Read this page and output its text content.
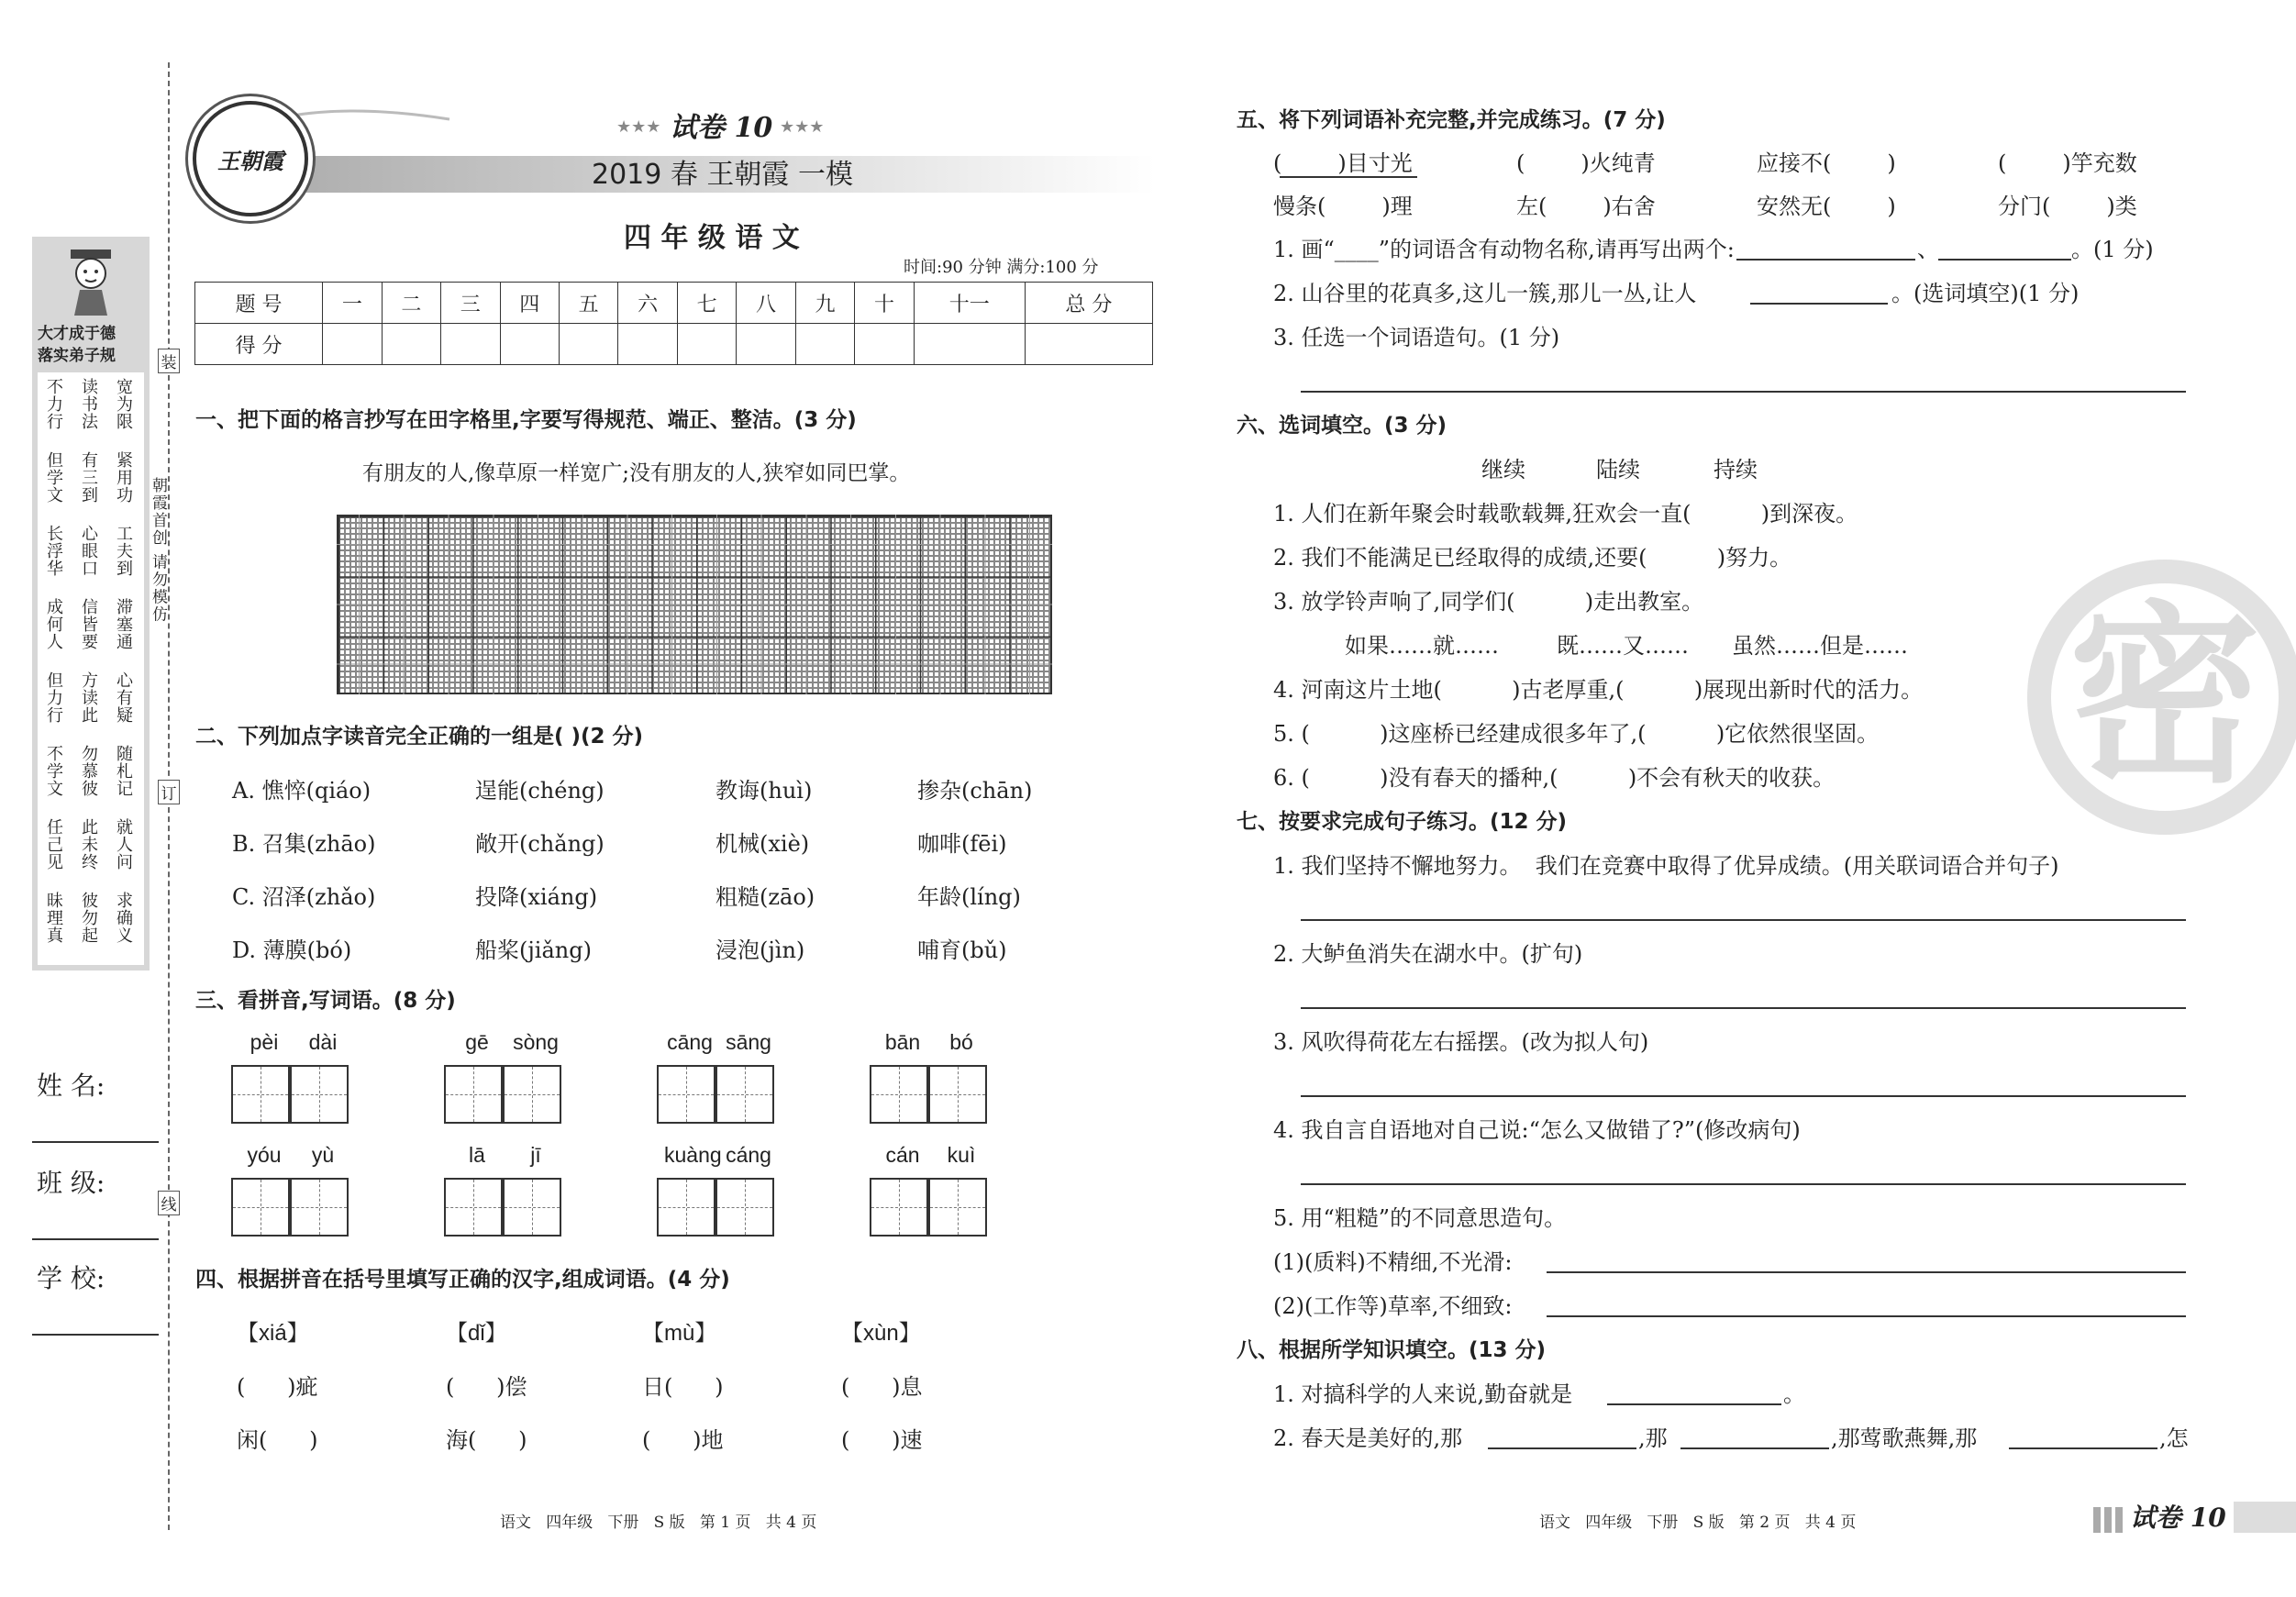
大才成于德
落实弟子规
宽为限
读书法
不力行
紧用功
有三到
但学文
工夫到
心眼口
长浮华
滞塞通
信皆要
成何人
心有疑
方读此
但力行
随札记
勿慕彼
不学文
就人问
此未终
任己见
求确义
彼勿起
昧理真
朝霞首创 请勿模仿
装
订
线
姓 名:
班 级:
学 校:
王朝霞
★★★ 试卷 10 ★★★
2019 春 王朝霞 一模
四 年 级 语 文
时间:90 分钟 满分:100 分
题 号	一	二	三	四	五	六	七	八	九	十	十一	总 分
得 分												
一、把下面的格言抄写在田字格里,字要写得规范、端正、整洁。(3 分)
有朋友的人,像草原一样宽广;没有朋友的人,狭窄如同巴掌。
二、下列加点字读音完全正确的一组是( )(2 分)
A. 憔悴(qiáo)	逞能(chéng)	教诲(huì)	掺杂(chān)
B. 召集(zhāo)	敞开(chǎng)	机械(xiè)	咖啡(fēi)
C. 沼泽(zhǎo)	投降(xiáng)	粗糙(zāo)	年龄(líng)
D. 薄膜(bó)	船桨(jiǎng)	浸泡(jìn)	哺育(bǔ)
三、看拼音,写词语。(8 分)
pèi	dài	gē	sòng	cāng sāng	bān	bó
yóu	yù	lā	jī	kuàng cáng	cán	kuì
四、根据拼音在括号里填写正确的汉字,组成词语。(4 分)
【xiá】
(      )疵
闲(      )
【dǐ】
(      )偿
海(      )
【mù】
日(      )
(      )地
【xùn】
(      )息
(      )速
语文   四年级   下册   S 版   第 1 页   共 4 页
五、将下列词语补充完整,并完成练习。(7 分)
(        )目寸光	(        )火纯青	应接不(        )	(        )竽充数
慢条(        )理	左(        )右舍	安然无(        )	分门(        )类
1. 画“____”的词语含有动物名称,请再写出两个:	、	。(1 分)
2. 山谷里的花真多,这儿一簇,那儿一丛,让人	。(选词填空)(1 分)
3. 任选一个词语造句。(1 分)
六、选词填空。(3 分)
继续	陆续	持续
1. 人们在新年聚会时载歌载舞,狂欢会一直(          )到深夜。
2. 我们不能满足已经取得的成绩,还要(          )努力。
3. 放学铃声响了,同学们(          )走出教室。
如果……就……	既……又…… 虽然……但是……
4. 河南这片土地(          )古老厚重,(          )展现出新时代的活力。
5. (          )这座桥已经建成很多年了,(          )它依然很坚固。
6. (          )没有春天的播种,(          )不会有秋天的收获。
七、按要求完成句子练习。(12 分)
1. 我们坚持不懈地努力。  我们在竞赛中取得了优异成绩。(用关联词语合并句子)
2. 大鲈鱼消失在湖水中。(扩句)
3. 风吹得荷花左右摇摆。(改为拟人句)
4. 我自言自语地对自己说:“怎么又做错了?”(修改病句)
5. 用“粗糙”的不同意思造句。
(1)(质料)不精细,不光滑:
(2)(工作等)草率,不细致:
八、根据所学知识填空。(13 分)
1. 对搞科学的人来说,勤奋就是	。
2. 春天是美好的,那	,那	,那莺歌燕舞,那	,怎
语文   四年级   下册   S 版   第 2 页   共 4 页	试卷 10
密
